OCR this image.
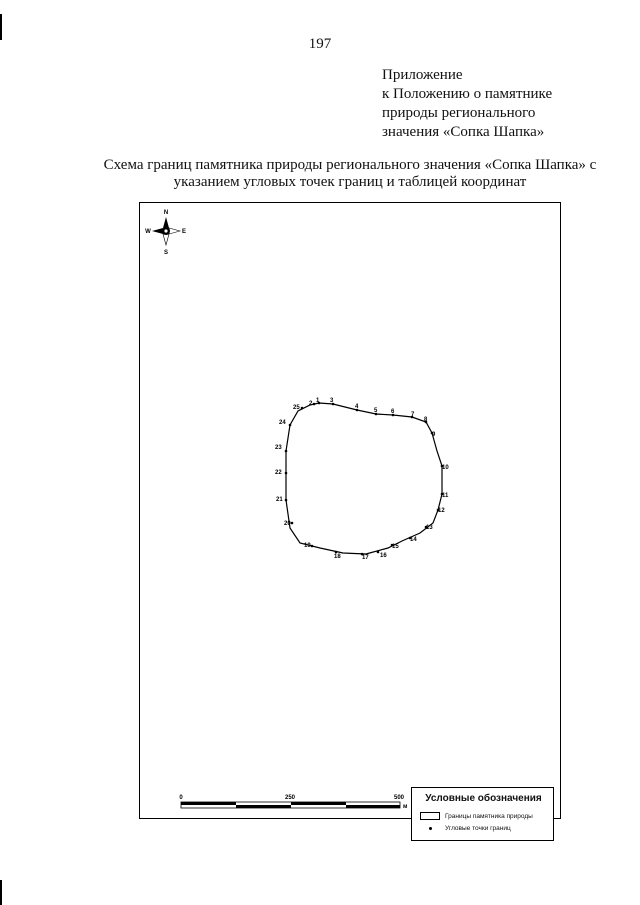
197
Приложение
к Положению о памятнике
природы регионального
значения «Сопка Шапка»
Схема границ памятника природы регионального значения «Сопка Шапка» с
указанием угловых точек границ и таблицей координат
N
S
W	E
1
2	3
4
5 6	7
8
9
10
11
12
13
14
15
16
17
18
19
20
21
22
23
24
25
0	250	500
м
Условные обозначения
Границы памятника природы
Угловые точки границ
